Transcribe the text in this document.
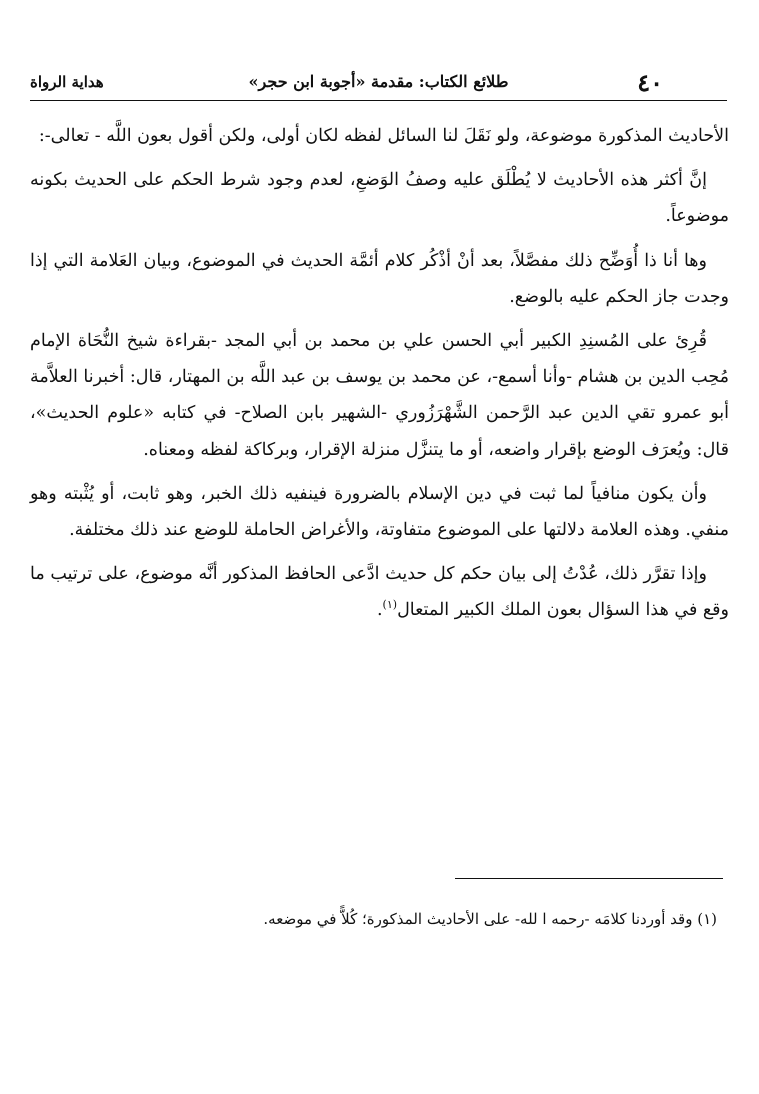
٤٠
طلائع الكتاب: مقدمة «أجوبة ابن حجر»
هداية الرواة

الأحاديث المذكورة موضوعة، ولو نَقَلَ لنا السائل لفظه لكان أولى، ولكن أقول بعون اللَّه - تعالى-:

إنَّ أكثر هذه الأحاديث لا يُطْلَق عليه وصفُ الوَضعِ، لعدم وجود شرط الحكم على الحديث بكونه موضوعاً.

وها أنا ذا أُوَضِّح ذلك مفصَّلاً، بعد أنْ أذْكُر كلام أئمَّة الحديث في الموضوع، وبيان العَلامة التي إذا وجدت جاز الحكم عليه بالوضع.

قُرِئ على المُسنِدِ الكبير أبي الحسن علي بن محمد بن أبي المجد -بقراءة شيخ النُّحَاة الإمام مُحِب الدين بن هشام -وأنا أسمع-، عن محمد بن يوسف بن عبد اللَّه بن المهتار، قال: أخبرنا العلاَّمة أبو عمرو تقي الدين عبد الرَّحمن الشَّهْرَزُوري -الشهير بابن الصلاح- في كتابه «علوم الحديث»، قال: ويُعرَف الوضع بإقرار واضعه، أو ما يتنزَّل منزلة الإقرار، وبركاكة لفظه ومعناه.

وأن يكون منافياً لما ثبت في دين الإسلام بالضرورة فينفيه ذلك الخبر، وهو ثابت، أو يُثْبته وهو منفي. وهذه العلامة دلالتها على الموضوع متفاوتة، والأغراض الحاملة للوضع عند ذلك مختلفة.

وإذا تقرَّر ذلك، عُدْتُ إلى بيان حكم كل حديث ادَّعى الحافظ المذكور أنَّه موضوع، على ترتيب ما وقع في هذا السؤال بعون الملك الكبير المتعال$^{(١)}$.

(١) وقد أوردنا كلامَه -رحمه ا لله- على الأحاديث المذكورة؛ كُلاًّ في موضعه.
